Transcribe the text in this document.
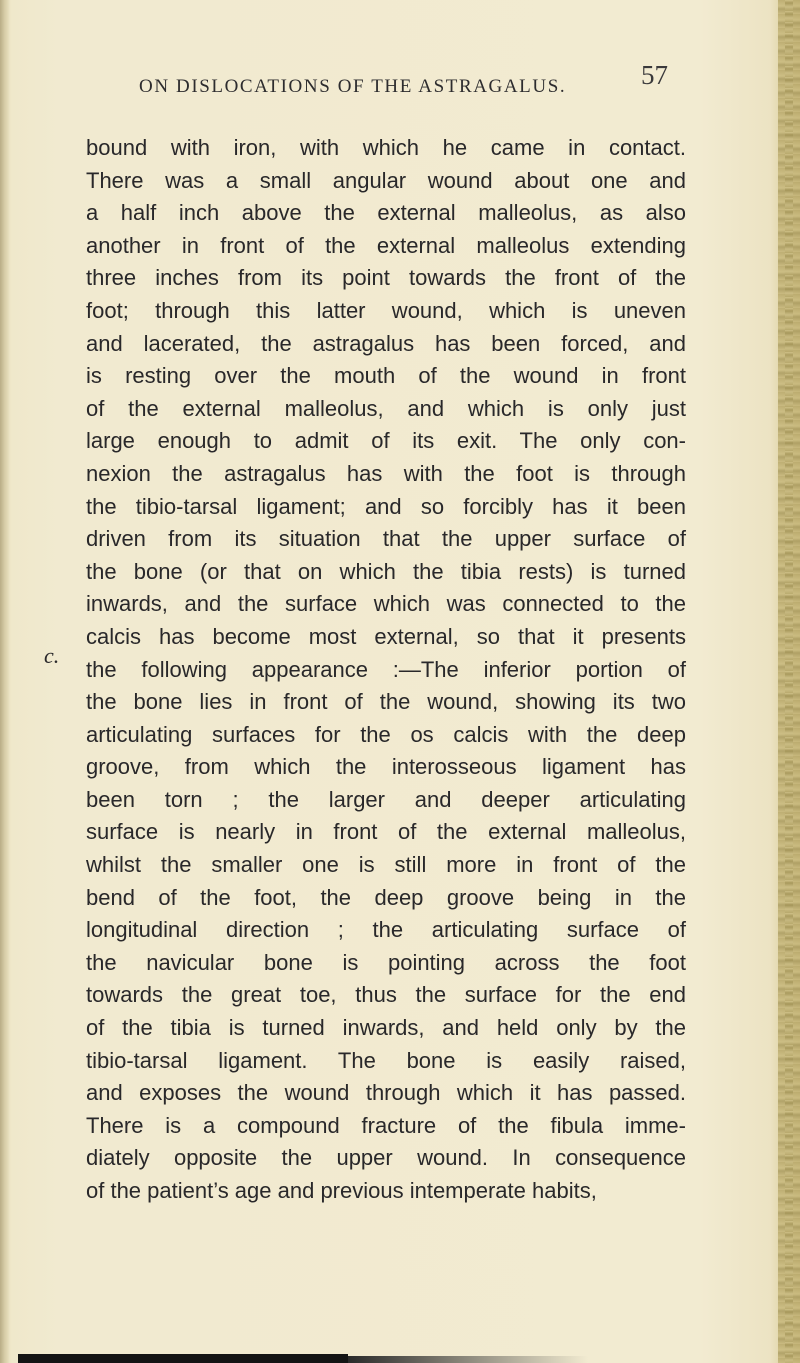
ON DISLOCATIONS OF THE ASTRAGALUS.	57
c.
bound with iron, with which he came in contact.
There was a small angular wound about one and
a half inch above the external malleolus, as also
another in front of the external malleolus extending
three inches from its point towards the front of the
foot; through this latter wound, which is uneven
and lacerated, the astragalus has been forced, and
is resting over the mouth of the wound in front
of the external malleolus, and which is only just
large enough to admit of its exit. The only con-
nexion the astragalus has with the foot is through
the tibio-tarsal ligament; and so forcibly has it been
driven from its situation that the upper surface of
the bone (or that on which the tibia rests) is turned
inwards, and the surface which was connected to the
calcis has become most external, so that it presents
the following appearance :—The inferior portion of
the bone lies in front of the wound, showing its two
articulating surfaces for the os calcis with the deep
groove, from which the interosseous ligament has
been torn ; the larger and deeper articulating
surface is nearly in front of the external malleolus,
whilst the smaller one is still more in front of the
bend of the foot, the deep groove being in the
longitudinal direction ; the articulating surface of
the navicular bone is pointing across the foot
towards the great toe, thus the surface for the end
of the tibia is turned inwards, and held only by the
tibio-tarsal ligament. The bone is easily raised,
and exposes the wound through which it has passed.
There is a compound fracture of the fibula imme-
diately opposite the upper wound. In consequence
of the patient’s age and previous intemperate habits,
